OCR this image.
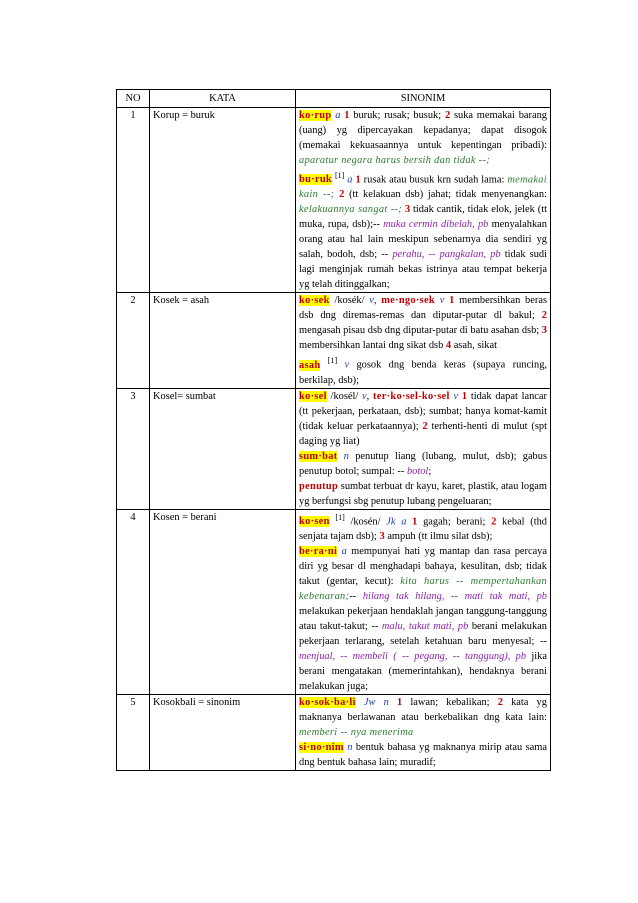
NO	KATA	SINONIM
1	Korup = buruk	ko·rup a 1 buruk; rusak; busuk; 2 suka memakai barang (uang) yg dipercayakan kepadanya; dapat disogok (memakai kekuasaannya untuk kepentingan pribadi): aparatur negara harus bersih dan tidak --;

bu·ruk [1] a 1 rusak atau busuk krn sudah lama: memakai kain --; 2 (tt kelakuan dsb) jahat; tidak menyenangkan: kelakuannya sangat --; 3 tidak cantik, tidak elok, jelek (tt muka, rupa, dsb);-- muka cermin dibelah, pb menyalahkan orang atau hal lain meskipun sebenarnya dia sendiri yg salah, bodoh, dsb; -- perahu, -- pangkalan, pb tidak sudi lagi menginjak rumah bekas istrinya atau tempat bekerja yg telah ditinggalkan;

2	Kosek = asah	ko·sek /kosék/ v, me·ngo·sek v 1 membersihkan beras dsb dng diremas-remas dan diputar-putar dl bakul; 2 mengasah pisau dsb dng diputar-putar di batu asahan dsb; 3 membersihkan lantai dng sikat dsb 4 asah, sikat

asah [1] v gosok dng benda keras (supaya runcing, berkilap, dsb);

3	Kosel= sumbat	ko·sel /kosél/ v, ter·ko·sel-ko·sel v 1 tidak dapat lancar (tt pekerjaan, perkataan, dsb); sumbat; hanya komat-kamit (tidak keluar perkataannya); 2 terhenti-henti di mulut (spt daging yg liat)

sum·bat n penutup liang (lubang, mulut, dsb); gabus penutup botol; sumpal: -- botol;

penutup sumbat terbuat dr kayu, karet, plastik, atau logam yg berfungsi sbg penutup lubang pengeluaran;

4	Kosen = berani	ko·sen [1] /kosén/ Jk a 1 gagah; berani; 2 kebal (thd senjata tajam dsb); 3 ampuh (tt ilmu silat dsb);

be·ra·ni a mempunyai hati yg mantap dan rasa percaya diri yg besar dl menghadapi bahaya, kesulitan, dsb; tidak takut (gentar, kecut): kita harus -- mempertahankan kebenaran;-- hilang tak hilang, -- mati tak mati, pb melakukan pekerjaan hendaklah jangan tanggung-tanggung atau takut-takut; -- malu, takut mati, pb berani melakukan pekerjaan terlarang, setelah ketahuan baru menyesal; -- menjual, -- membeli ( -- pegang, -- tanggung), pb jika berani mengatakan (memerintahkan), hendaknya berani melakukan juga;

5	Kosokbali = sinonim	ko·sok·ba·li Jw n 1 lawan; kebalikan; 2 kata yg maknanya berlawanan atau berkebalikan dng kata lain: memberi -- nya menerima

si·no·nim n bentuk bahasa yg maknanya mirip atau sama dng bentuk bahasa lain; muradif;
